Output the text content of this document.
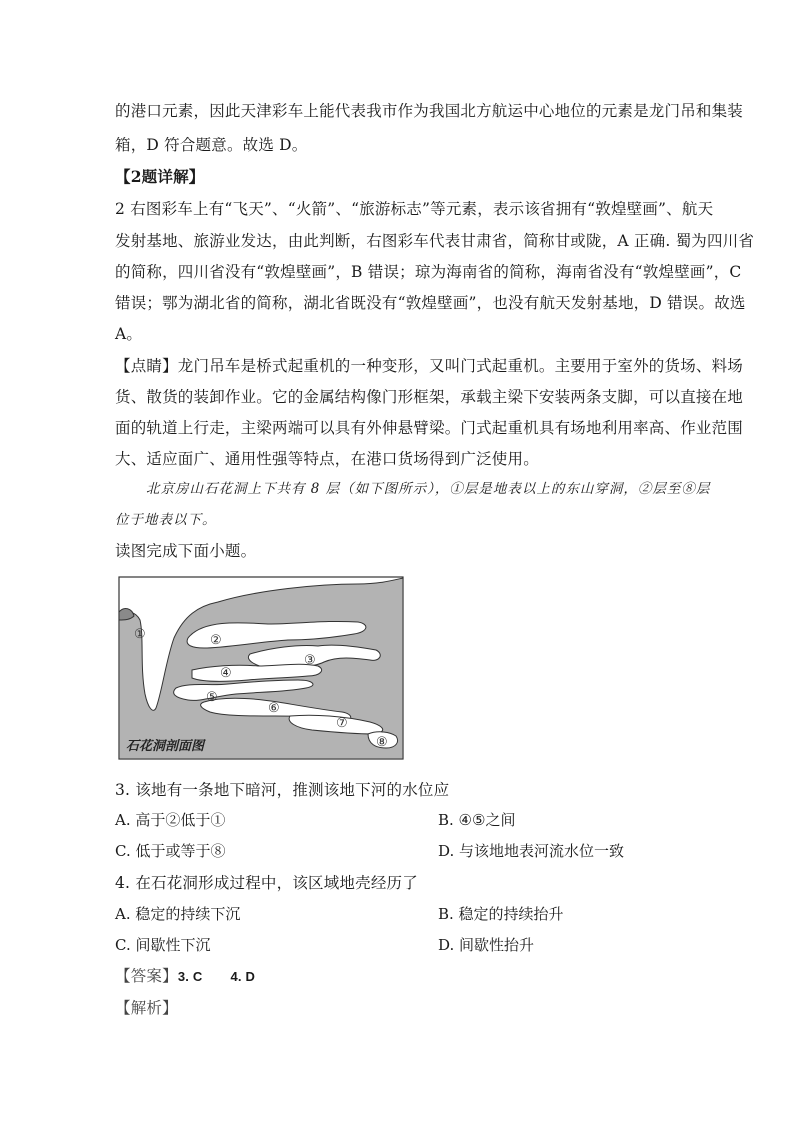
的港口元素，因此天津彩车上能代表我市作为我国北方航运中心地位的元素是龙门吊和集装
箱，D 符合题意。故选 D。
【2题详解】
2 右图彩车上有“飞天”、“火箭”、“旅游标志”等元素，表示该省拥有“敦煌壁画”、航天
发射基地、旅游业发达，由此判断，右图彩车代表甘肃省，简称甘或陇，A 正确. 蜀为四川省
的简称，四川省没有“敦煌壁画”，B 错误；琼为海南省的简称，海南省没有“敦煌壁画”，C
错误；鄂为湖北省的简称，湖北省既没有“敦煌壁画”，也没有航天发射基地，D 错误。故选
A。
【点睛】龙门吊车是桥式起重机的一种变形，又叫门式起重机。主要用于室外的货场、料场
货、散货的装卸作业。它的金属结构像门形框架，承载主梁下安装两条支脚，可以直接在地
面的轨道上行走，主梁两端可以具有外伸悬臂梁。门式起重机具有场地利用率高、作业范围
大、适应面广、通用性强等特点，在港口货场得到广泛使用。
北京房山石花洞上下共有 8 层（如下图所示），①层是地表以上的东山穿洞，②层至⑧层
位于地表以下。
读图完成下面小题。
①	②
③
④
⑤
⑥
⑦
⑧
石花洞剖面图
3. 该地有一条地下暗河，推测该地下河的水位应
A. 高于②低于①	B. ④⑤之间
C. 低于或等于⑧	D. 与该地地表河流水位一致
4. 在石花洞形成过程中，该区域地壳经历了
A. 稳定的持续下沉	B. 稳定的持续抬升
C. 间歇性下沉	D. 间歇性抬升
【答案】3. C 4. D
【解析】
